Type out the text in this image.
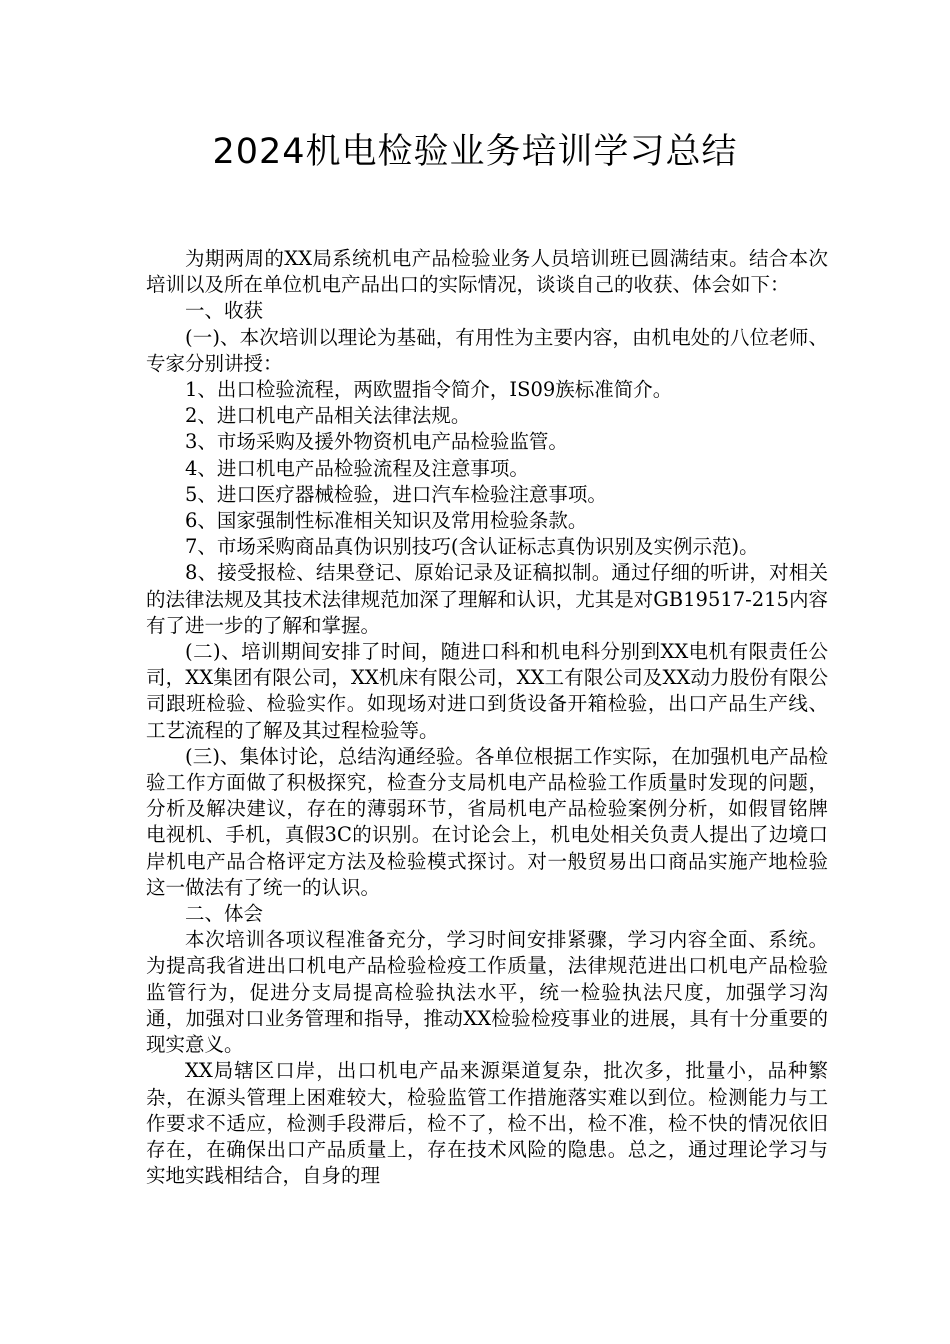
2024机电检验业务培训学习总结

为期两周的XX局系统机电产品检验业务人员培训班已圆满结束。结合本次培训以及所在单位机电产品出口的实际情况，谈谈自己的收获、体会如下：

一、收获

(一)、本次培训以理论为基础，有用性为主要内容，由机电处的八位老师、专家分别讲授：

1、出口检验流程，两欧盟指令简介，IS09族标准简介。

2、进口机电产品相关法律法规。

3、市场采购及援外物资机电产品检验监管。

4、进口机电产品检验流程及注意事项。

5、进口医疗器械检验，进口汽车检验注意事项。

6、国家强制性标准相关知识及常用检验条款。

7、市场采购商品真伪识别技巧(含认证标志真伪识别及实例示范)。

8、接受报检、结果登记、原始记录及证稿拟制。通过仔细的听讲，对相关的法律法规及其技术法律规范加深了理解和认识，尤其是对GB19517-215内容有了进一步的了解和掌握。

(二)、培训期间安排了时间，随进口科和机电科分别到XX电机有限责任公司，XX集团有限公司，XX机床有限公司，XX工有限公司及XX动力股份有限公司跟班检验、检验实作。如现场对进口到货设备开箱检验，出口产品生产线、工艺流程的了解及其过程检验等。

(三)、集体讨论，总结沟通经验。各单位根据工作实际，在加强机电产品检验工作方面做了积极探究，检查分支局机电产品检验工作质量时发现的问题，分析及解决建议，存在的薄弱环节，省局机电产品检验案例分析，如假冒铭牌电视机、手机，真假3C的识别。在讨论会上，机电处相关负责人提出了边境口岸机电产品合格评定方法及检验模式探讨。对一般贸易出口商品实施产地检验这一做法有了统一的认识。

二、体会

本次培训各项议程准备充分，学习时间安排紧骤，学习内容全面、系统。为提高我省进出口机电产品检验检疫工作质量，法律规范进出口机电产品检验监管行为，促进分支局提高检验执法水平，统一检验执法尺度，加强学习沟通，加强对口业务管理和指导，推动XX检验检疫事业的进展，具有十分重要的现实意义。

XX局辖区口岸，出口机电产品来源渠道复杂，批次多，批量小，品种繁杂，在源头管理上困难较大，检验监管工作措施落实难以到位。检测能力与工作要求不适应，检测手段滞后，检不了，检不出，检不准，检不快的情况依旧存在，在确保出口产品质量上，存在技术风险的隐患。总之，通过理论学习与实地实践相结合，自身的理
